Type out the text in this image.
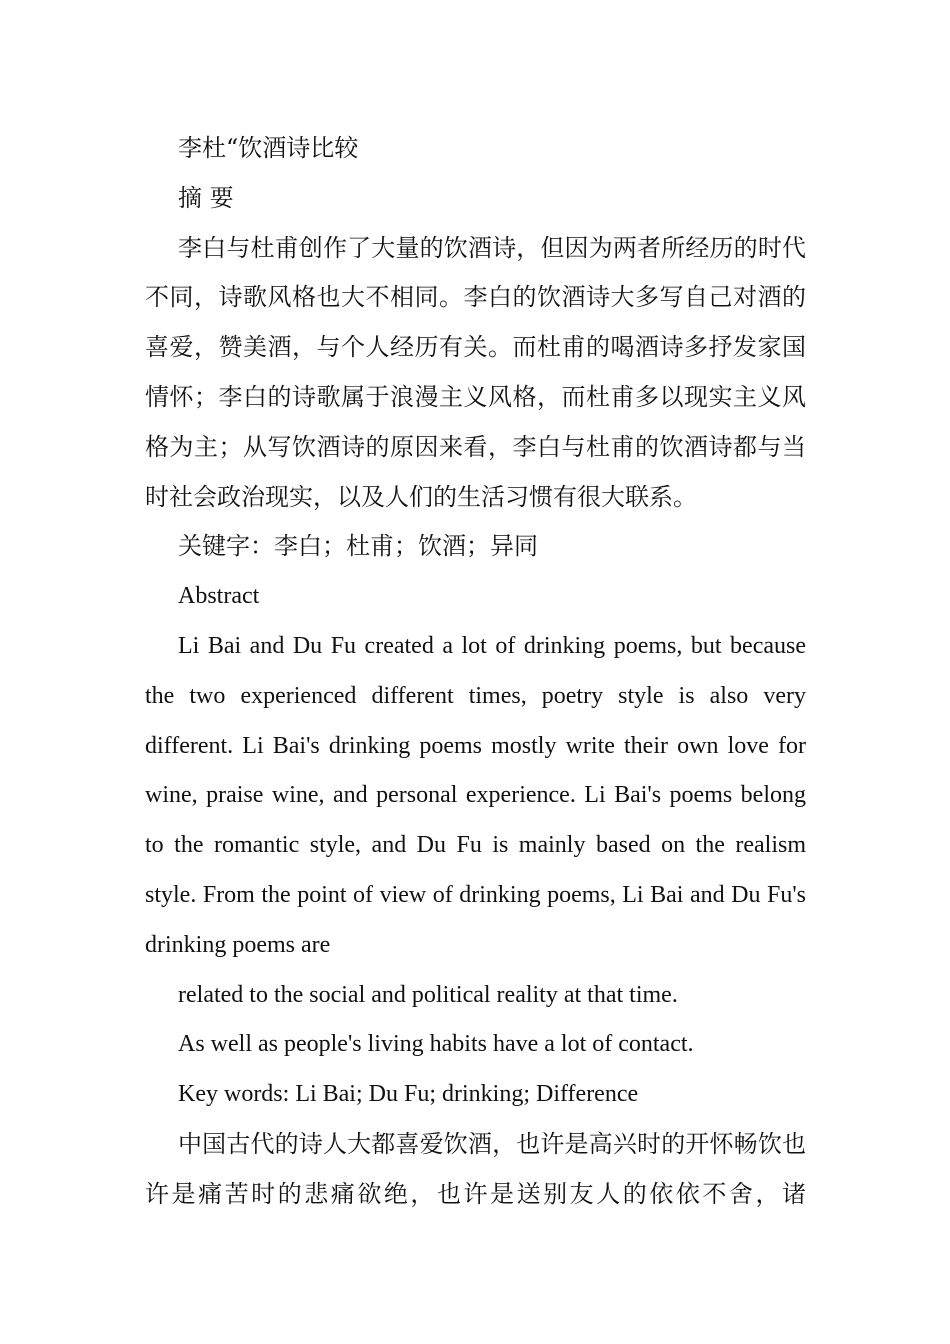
李杜“饮酒诗比较

摘 要

李白与杜甫创作了大量的饮酒诗，但因为两者所经历的时代不同，诗歌风格也大不相同。李白的饮酒诗大多写自己对酒的喜爱，赞美酒，与个人经历有关。而杜甫的喝酒诗多抒发家国情怀；李白的诗歌属于浪漫主义风格，而杜甫多以现实主义风格为主；从写饮酒诗的原因来看，李白与杜甫的饮酒诗都与当时社会政治现实，以及人们的生活习惯有很大联系。

关键字：李白；杜甫；饮酒；异同

Abstract

Li Bai and Du Fu created a lot of drinking poems, but because the two experienced different times, poetry style is also very different. Li Bai's drinking poems mostly write their own love for wine, praise wine, and personal experience. Li Bai's poems belong to the romantic style, and Du Fu is mainly based on the realism style. From the point of view of drinking poems, Li Bai and Du Fu's drinking poems are

related to the social and political reality at that time.

As well as people's living habits have a lot of contact.

Key words: Li Bai; Du Fu; drinking; Difference

中国古代的诗人大都喜爱饮酒，也许是高兴时的开怀畅饮也许是痛苦时的悲痛欲绝，也许是送别友人的依依不舍，诸
